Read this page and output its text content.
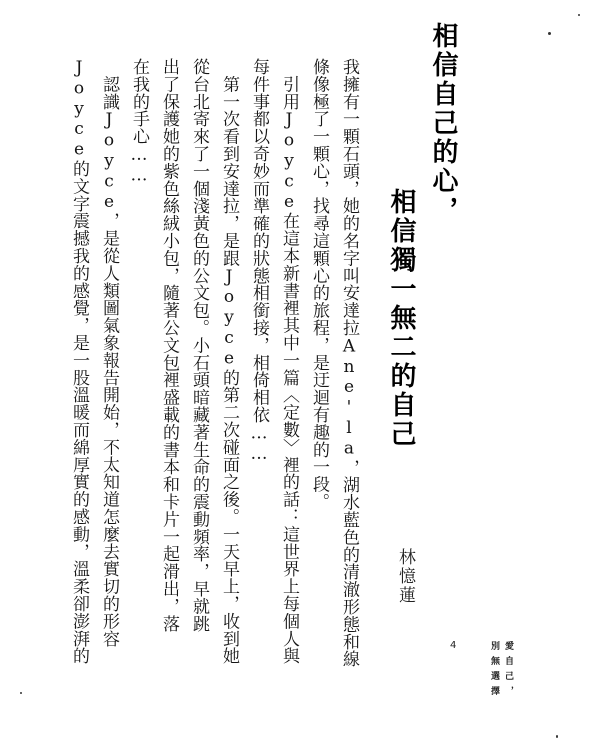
相信自己的心，
相信獨一無二的自己
我擁有一顆石頭，她的名字叫安達拉Ane'la，湖水藍色的清澈形態和線
條像極了一顆心，找尋這顆心的旅程，是迂迴有趣的一段。
　引用Joyce在這本新書裡其中一篇〈定數〉裡的話：這世界上每個人與
每件事都以奇妙而準確的狀態相銜接，相倚相依……
　第一次看到安達拉，是跟Joyce的第二次碰面之後。一天早上，收到她
從台北寄來了一個淺黃色的公文包。小石頭暗藏著生命的震動頻率，早就跳
出了保護她的紫色絲絨小包，隨著公文包裡盛載的書本和卡片一起滑出，落
在我的手心……
　認識Joyce，是從人類圖氣象報告開始，不太知道怎麼去實切的形容
Joyce的文字震撼我的感覺，是一股溫暖而綿厚實的感動，溫柔卻澎湃的	林憶蓮
4	愛自己，
別無選擇
